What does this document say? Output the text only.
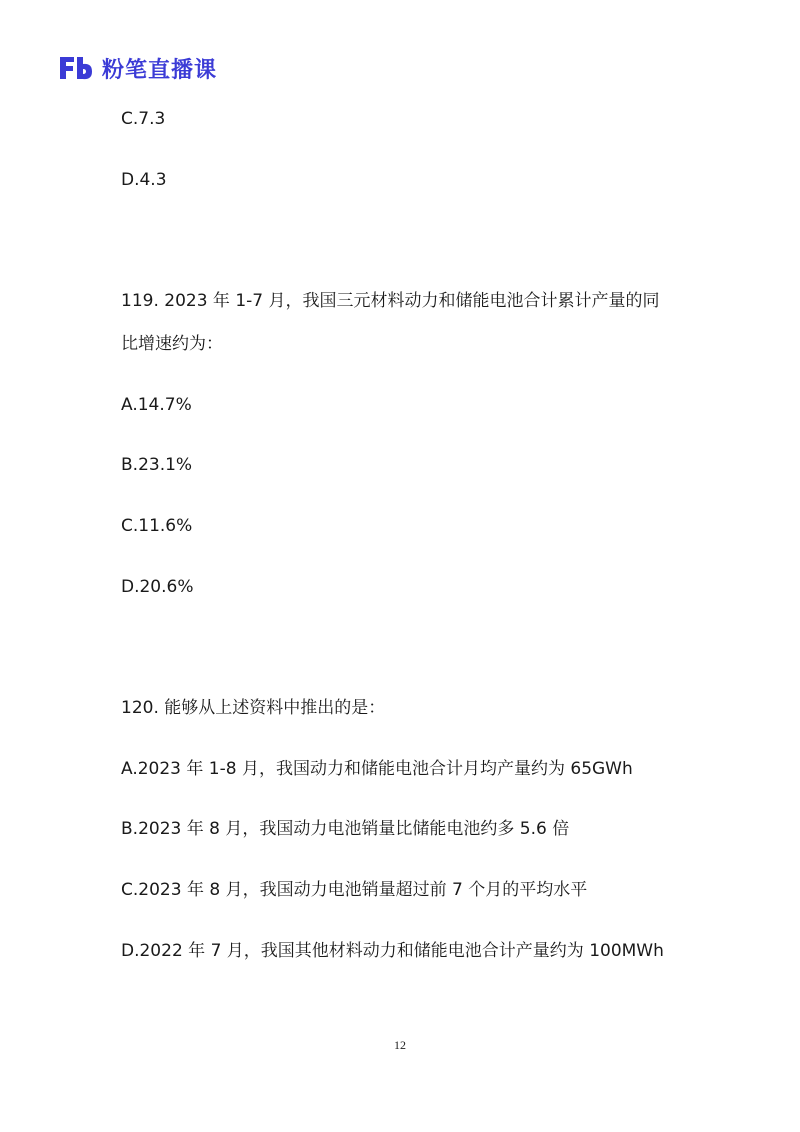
粉笔直播课
C.7.3
D.4.3
119. 2023 年 1-7 月，我国三元材料动力和储能电池合计累计产量的同
比增速约为：
A.14.7%
B.23.1%
C.11.6%
D.20.6%
120. 能够从上述资料中推出的是：
A.2023 年 1-8 月，我国动力和储能电池合计月均产量约为 65GWh
B.2023 年 8 月，我国动力电池销量比储能电池约多 5.6 倍
C.2023 年 8 月，我国动力电池销量超过前 7 个月的平均水平
D.2022 年 7 月，我国其他材料动力和储能电池合计产量约为 100MWh
12
